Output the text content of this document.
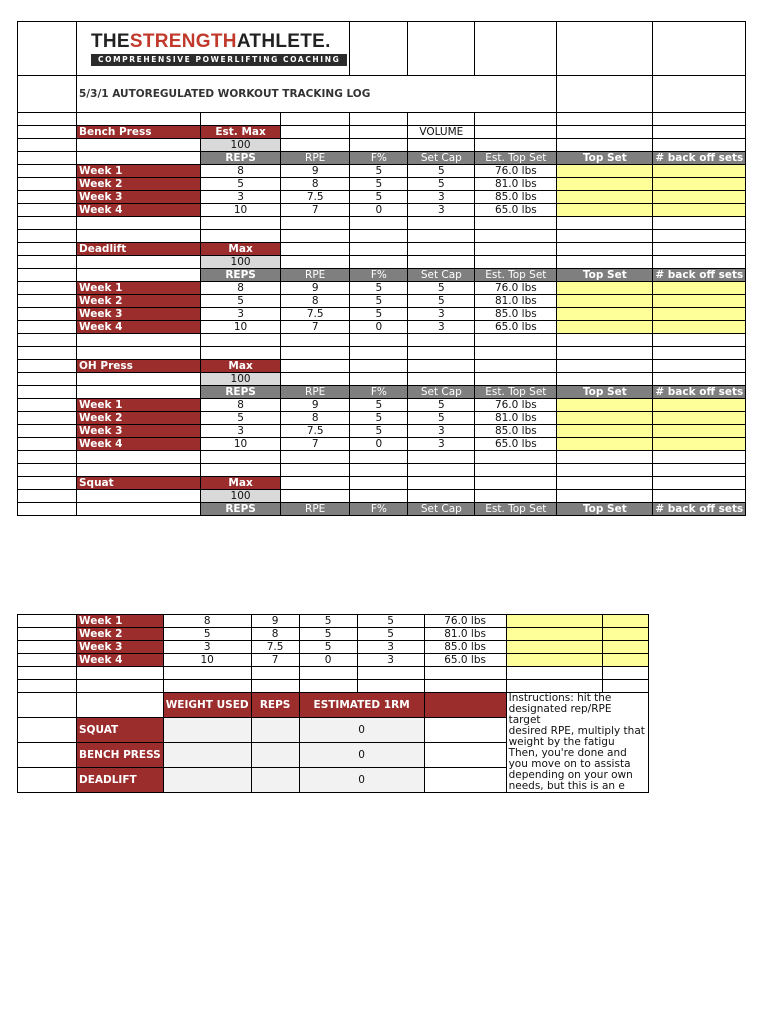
	THESTRENGTHATHLETE.
COMPREHENSIVE POWERLIFTING COACHING							
	5/3/1 AUTOREGULATED WORKOUT TRACKING LOG							

	Bench Press	Est. Max			VOLUME			
		100						
		REPS	RPE	F%	Set Cap	Est. Top Set	Top Set	# back off sets
	Week 1	8	9	5	5	76.0 lbs		
	Week 2	5	8	5	5	81.0 lbs		
	Week 3	3	7.5	5	3	85.0 lbs		
	Week 4	10	7	0	3	65.0 lbs		

	Deadlift	Max						
		100						
		REPS	RPE	F%	Set Cap	Est. Top Set	Top Set	# back off sets
	Week 1	8	9	5	5	76.0 lbs		
	Week 2	5	8	5	5	81.0 lbs		
	Week 3	3	7.5	5	3	85.0 lbs		
	Week 4	10	7	0	3	65.0 lbs		

	OH Press	Max						
		100						
		REPS	RPE	F%	Set Cap	Est. Top Set	Top Set	# back off sets
	Week 1	8	9	5	5	76.0 lbs		
	Week 2	5	8	5	5	81.0 lbs		
	Week 3	3	7.5	5	3	85.0 lbs		
	Week 4	10	7	0	3	65.0 lbs		

	Squat	Max						
		100						
		REPS	RPE	F%	Set Cap	Est. Top Set	Top Set	# back off sets
	Week 1	8	9	5	5	76.0 lbs		
	Week 2	5	8	5	5	81.0 lbs		
	Week 3	3	7.5	5	3	85.0 lbs		
	Week 4	10	7	0	3	65.0 lbs		

		WEIGHT USED	REPS	ESTIMATED 1RM			Instructions: hit the designated rep/RPE target
desired RPE, multiply that weight by the fatigu
Then, you're done and you move on to assista
depending on your own needs, but this is an e	

	SQUAT			0				
	BENCH PRESS			0				
	DEADLIFT			0				
